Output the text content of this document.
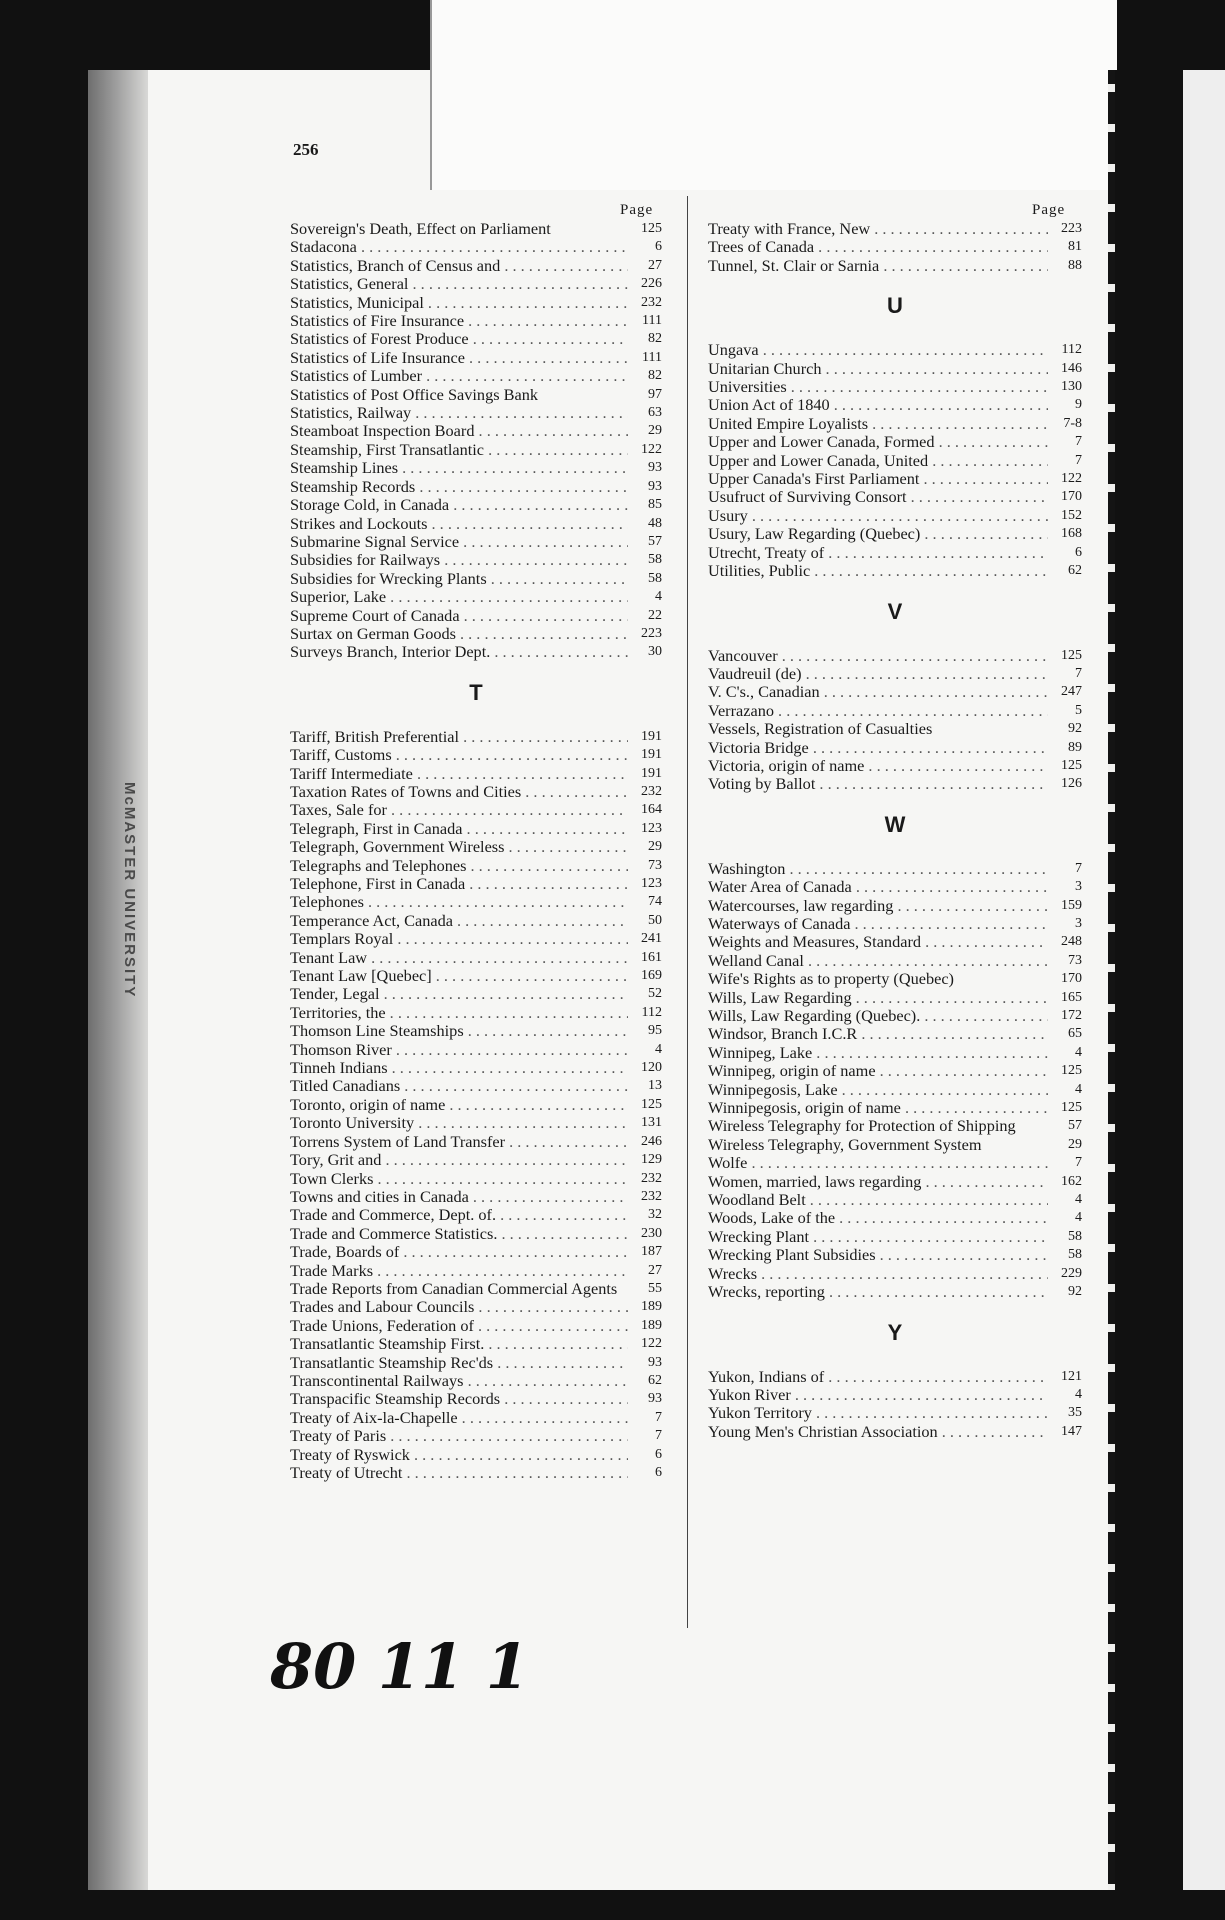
McMASTER UNIVERSITY
256
Page	Page
Sovereign's Death, Effect on Parliament	125
Stadacona . . .	6
Statistics, Branch of Census and . . .	27
Statistics, General . . .	226
Statistics, Municipal . . .	232
Statistics of Fire Insurance . . .	111
Statistics of Forest Produce . . .	82
Statistics of Life Insurance . . .	111
Statistics of Lumber . . .	82
Statistics of Post Office Savings Bank	97
Statistics, Railway . . .	63
Steamboat Inspection Board . . .	29
Steamship, First Transatlantic . . .	122
Steamship Lines . . .	93
Steamship Records . . .	93
Storage Cold, in Canada . . .	85
Strikes and Lockouts . . .	48
Submarine Signal Service . . .	57
Subsidies for Railways . . .	58
Subsidies for Wrecking Plants . . .	58
Superior, Lake . . .	4
Supreme Court of Canada . . .	22
Surtax on German Goods . . .	223
Surveys Branch, Interior Dept. . . .	30
T
Tariff, British Preferential . . .	191
Tariff, Customs . . .	191
Tariff Intermediate . . .	191
Taxation Rates of Towns and Cities . . .	232
Taxes, Sale for . . .	164
Telegraph, First in Canada . . .	123
Telegraph, Government Wireless . . .	29
Telegraphs and Telephones . . .	73
Telephone, First in Canada . . .	123
Telephones . . .	74
Temperance Act, Canada . . .	50
Templars Royal . . .	241
Tenant Law . . .	161
Tenant Law [Quebec] . . .	169
Tender, Legal . . .	52
Territories, the . . .	112
Thomson Line Steamships . . .	95
Thomson River . . .	4
Tinneh Indians . . .	120
Titled Canadians . . .	13
Toronto, origin of name . . .	125
Toronto University . . .	131
Torrens System of Land Transfer . . .	246
Tory, Grit and . . .	129
Town Clerks . . .	232
Towns and cities in Canada . . .	232
Trade and Commerce, Dept. of. . . .	32
Trade and Commerce Statistics. . . .	230
Trade, Boards of . . .	187
Trade Marks . . .	27
Trade Reports from Canadian Commercial Agents	55
Trades and Labour Councils . . .	189
Trade Unions, Federation of . . .	189
Transatlantic Steamship First. . . .	122
Transatlantic Steamship Rec'ds . . .	93
Transcontinental Railways . . .	62
Transpacific Steamship Records . . .	93
Treaty of Aix-la-Chapelle . . .	7
Treaty of Paris . . .	7
Treaty of Ryswick . . .	6
Treaty of Utrecht . . .	6
Treaty with France, New . . .	223
Trees of Canada . . .	81
Tunnel, St. Clair or Sarnia . . .	88
U
Ungava . . .	112
Unitarian Church . . .	146
Universities . . .	130
Union Act of 1840 . . .	9
United Empire Loyalists . . .	7-8
Upper and Lower Canada, Formed . . .	7
Upper and Lower Canada, United . . .	7
Upper Canada's First Parliament . . .	122
Usufruct of Surviving Consort . . .	170
Usury . . .	152
Usury, Law Regarding (Quebec) . . .	168
Utrecht, Treaty of . . .	6
Utilities, Public . . .	62
V
Vancouver . . .	125
Vaudreuil (de) . . .	7
V. C's., Canadian . . .	247
Verrazano . . .	5
Vessels, Registration of Casualties	92
Victoria Bridge . . .	89
Victoria, origin of name . . .	125
Voting by Ballot . . .	126
W
Washington . . .	7
Water Area of Canada . . .	3
Watercourses, law regarding . . .	159
Waterways of Canada . . .	3
Weights and Measures, Standard . . .	248
Welland Canal . . .	73
Wife's Rights as to property (Quebec)	170
Wills, Law Regarding . . .	165
Wills, Law Regarding (Quebec). . . .	172
Windsor, Branch I.C.R . . .	65
Winnipeg, Lake . . .	4
Winnipeg, origin of name . . .	125
Winnipegosis, Lake . . .	4
Winnipegosis, origin of name . . .	125
Wireless Telegraphy for Protection of Shipping	57
Wireless Telegraphy, Government System	29
Wolfe . . .	7
Women, married, laws regarding . . .	162
Woodland Belt . . .	4
Woods, Lake of the . . .	4
Wrecking Plant . . .	58
Wrecking Plant Subsidies . . .	58
Wrecks . . .	229
Wrecks, reporting . . .	92
Y
Yukon, Indians of . . .	121
Yukon River . . .	4
Yukon Territory . . .	35
Young Men's Christian Association . . .	147
80 11 1
